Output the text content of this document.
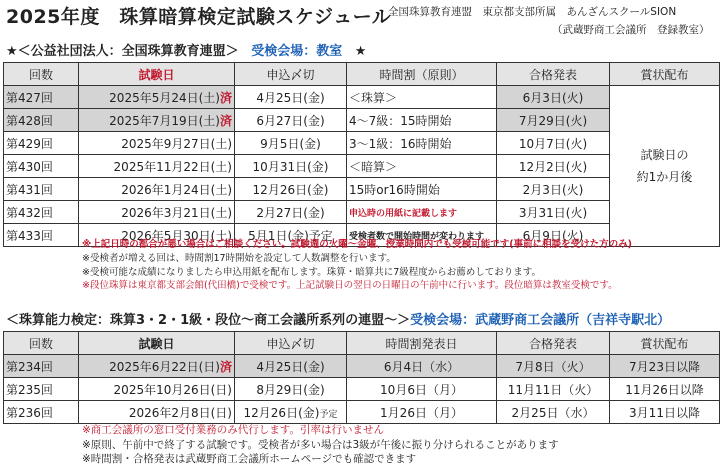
2025年度　珠算暗算検定試験スケジュール
全国珠算教育連盟　東京都支部所属　あんざんスクールSION
（武蔵野商工会議所　登録教室）
★＜公益社団法人：全国珠算教育連盟＞ 受検会場：教室 ★
回数	試験日	申込〆切	時間割（原則）	合格発表	賞状配布
第427回	2025年5月24日(土)済	4月25日(金)	＜珠算＞	6月3日(火)	試験日の
約1か月後

第428回	2025年7月19日(土)済	6月27日(金)	4～7級：15時開始	7月29日(火)	
第429回	2025年9月27日(土)	9月5日(金)	3～1級：16時開始	10月7日(火)	
第430回	2025年11月22日(土)	10月31日(金)	＜暗算＞	12月2日(火)	
第431回	2026年1月24日(土)	12月26日(金)	15時or16時開始	2月3日(火)	
第432回	2026年3月21日(土)	2月27日(金)	申込時の用紙に記載します	3月31日(火)	
第433回	2026年5月30日(土)	5月1日(金)予定	受検者数で開始時間が変わります	6月9日(火)	
※上記日時の都合が悪い場合はご相談ください。試験週の火曜～金曜、授業時間内でも受検可能です(事前に相談を受けた方のみ)
※受検者が増える回は、時間割17時開始を設定して人数調整を行います。
※受検可能な成績になりましたら申込用紙を配布します。珠算・暗算共に7級程度からお薦めしております。
※段位珠算は東京都支部会館(代田橋)で受検です。上記試験日の翌日の日曜日の午前中に行います。段位暗算は教室受検です。
＜珠算能力検定：珠算3・2・1級・段位～商工会議所系列の連盟～＞受検会場：武蔵野商工会議所（吉祥寺駅北）
回数	試験日	申込〆切	時間割発表日	合格発表	賞状配布
第234回	2025年6月22日(日)済	4月25日(金)	6月4日（水）	7月8日（火）	7月23日以降
第235回	2025年10月26日(日)	8月29日(金)	10月6日（月）	11月11日（火）	11月26日以降
第236回	2026年2月8日(日)	12月26日(金)予定	1月26日（月）	2月25日（水）	3月11日以降
※商工会議所の窓口受付業務のみ代行します。引率は行いません
※原則、午前中で終了する試験です。受検者が多い場合は3級が午後に振り分けられることがあります
※時間割・合格発表は武蔵野商工会議所ホームページでも確認できます
